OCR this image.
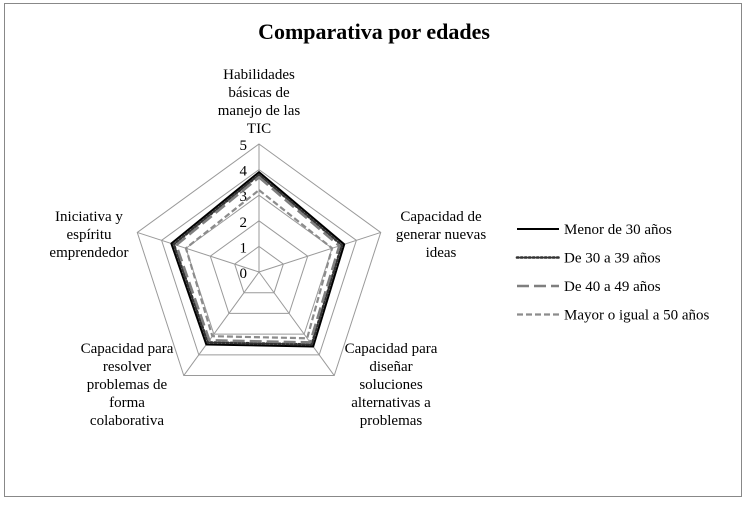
Comparativa por edades
0
1
2
3
4
5
Habilidades básicas de manejo de las TIC
Capacidad de generar nuevas ideas
Capacidad para diseñar soluciones alternativas a problemas
Capacidad para resolver problemas de forma colaborativa
Iniciativa y espíritu emprendedor
Menor de 30 años
De 30 a 39 años
De 40 a 49 años
Mayor o igual a 50 años
